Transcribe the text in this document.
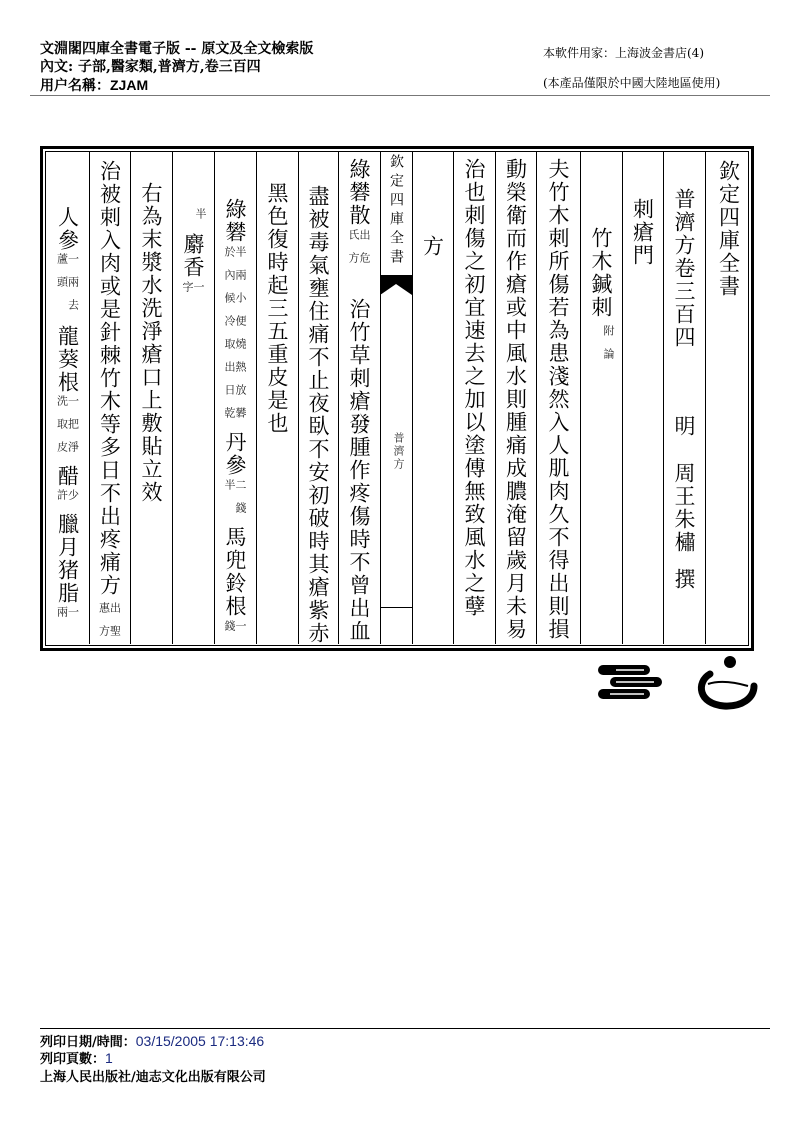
文淵閣四庫全書電子版 -- 原文及全文檢索版
內文: 子部,醫家類,普濟方,卷三百四
用户名稱：ZJAM
本軟件用家：上海波金書店(4)
(本產品僅限於中國大陸地區使用)
欽定四庫全書
普濟方卷三百四
明
周王朱橚
撰
刺瘡門
竹木鍼刺
附論
夫竹木刺所傷若為患淺然入人肌肉久不得出則損
動榮衛而作瘡或中風水則腫痛成膿淹留歲月未易
治也刺傷之初宜速去之加以塗傅無致風水之孽
方
綠礬散
出危氏方
治竹草刺瘡發腫作疼傷時不曾出血
盡被毒氣壅住痛不止夜臥不安初破時其瘡紫赤
黑色復時起三五重皮是也
綠礬
半兩小便燒熱放礬於內候冷取出日乾
丹參
二錢半
馬兜鈴根
一錢
半
麝香
一字
右為末漿水洗淨瘡口上敷貼立效
治被刺入肉或是針棘竹木等多日不出疼痛方
出聖惠方
人參
一兩去蘆頭
龍葵根
一把淨洗取皮
醋
少許
臘月猪脂
一兩
欽定四庫全書
普濟方
列印日期/時間：03/15/2005 17:13:46
列印頁數：1
上海人民出版社/迪志文化出版有限公司
